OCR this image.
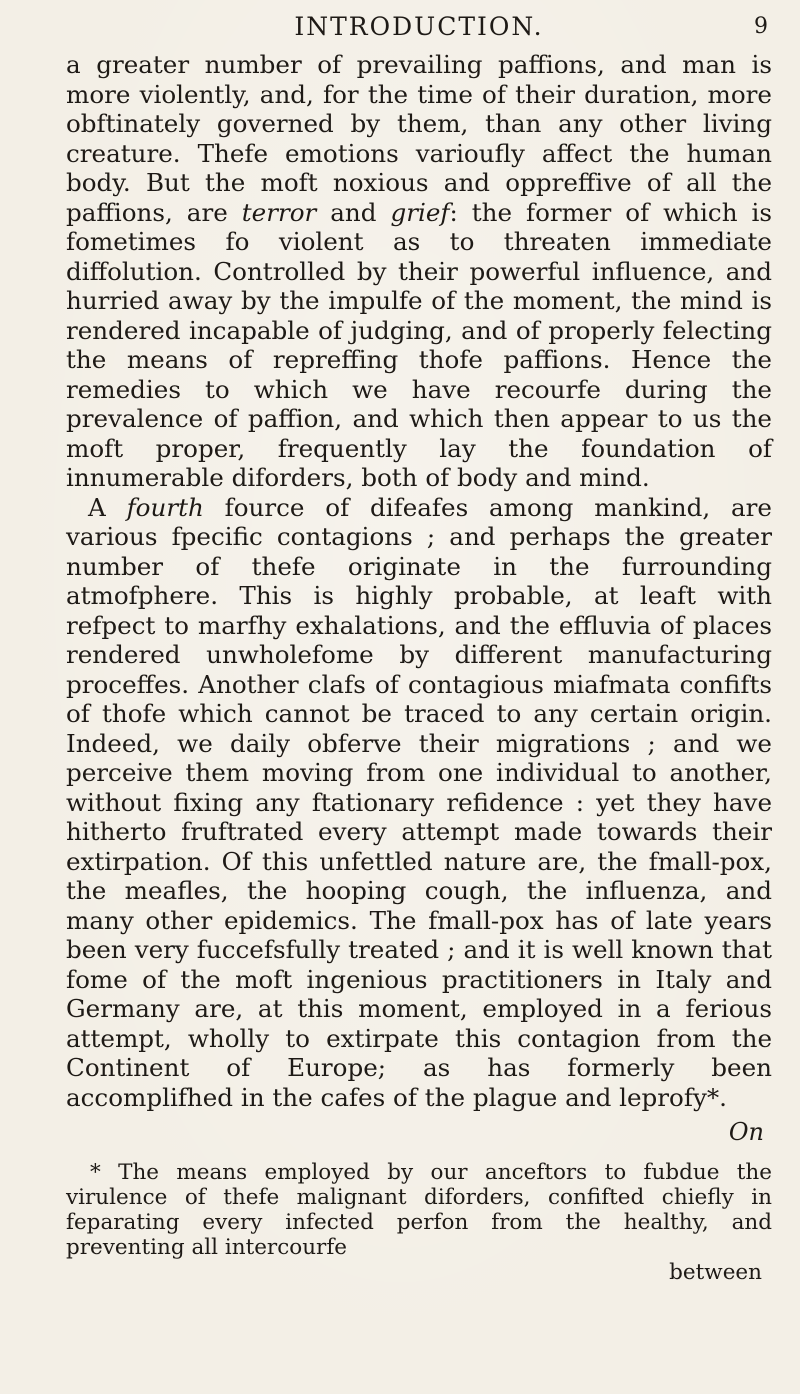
INTRODUCTION.	9

a greater number of prevailing paffions, and man is more violently, and, for the time of their duration, more obftinately governed by them, than any other living creature. Thefe emotions varioufly affect the human body. But the moft noxious and oppreffive of all the paffions, are terror and grief: the former of which is fometimes fo violent as to threaten immediate diffolution. Controlled by their powerful influence, and hurried away by the impulfe of the moment, the mind is rendered incapable of judging, and of properly felecting the means of repreffing thofe paffions. Hence the remedies to which we have recourfe during the prevalence of paffion, and which then appear to us the moft proper, frequently lay the foundation of innumerable diforders, both of body and mind.

A fourth fource of difeafes among mankind, are various fpecific contagions ; and perhaps the greater number of thefe originate in the furrounding atmofphere. This is highly probable, at leaft with refpect to marfhy exhalations, and the effluvia of places rendered unwholefome by different manufacturing proceffes. Another clafs of contagious miafmata confifts of thofe which cannot be traced to any certain origin. Indeed, we daily obferve their migrations ; and we perceive them moving from one individual to another, without fixing any ftationary refidence : yet they have hitherto fruftrated every attempt made towards their extirpation. Of this unfettled nature are, the fmall-pox, the meafles, the hooping cough, the influenza, and many other epidemics. The fmall-pox has of late years been very fuccefsfully treated ; and it is well known that fome of the moft ingenious practitioners in Italy and Germany are, at this moment, employed in a ferious attempt, wholly to extirpate this contagion from the Continent of Europe; as has formerly been accomplifhed in the cafes of the plague and leprofy*.

On
* The means employed by our anceftors to fubdue the virulence of thefe malignant diforders, confifted chiefly in feparating every infected perfon from the healthy, and preventing all intercourfe
between
